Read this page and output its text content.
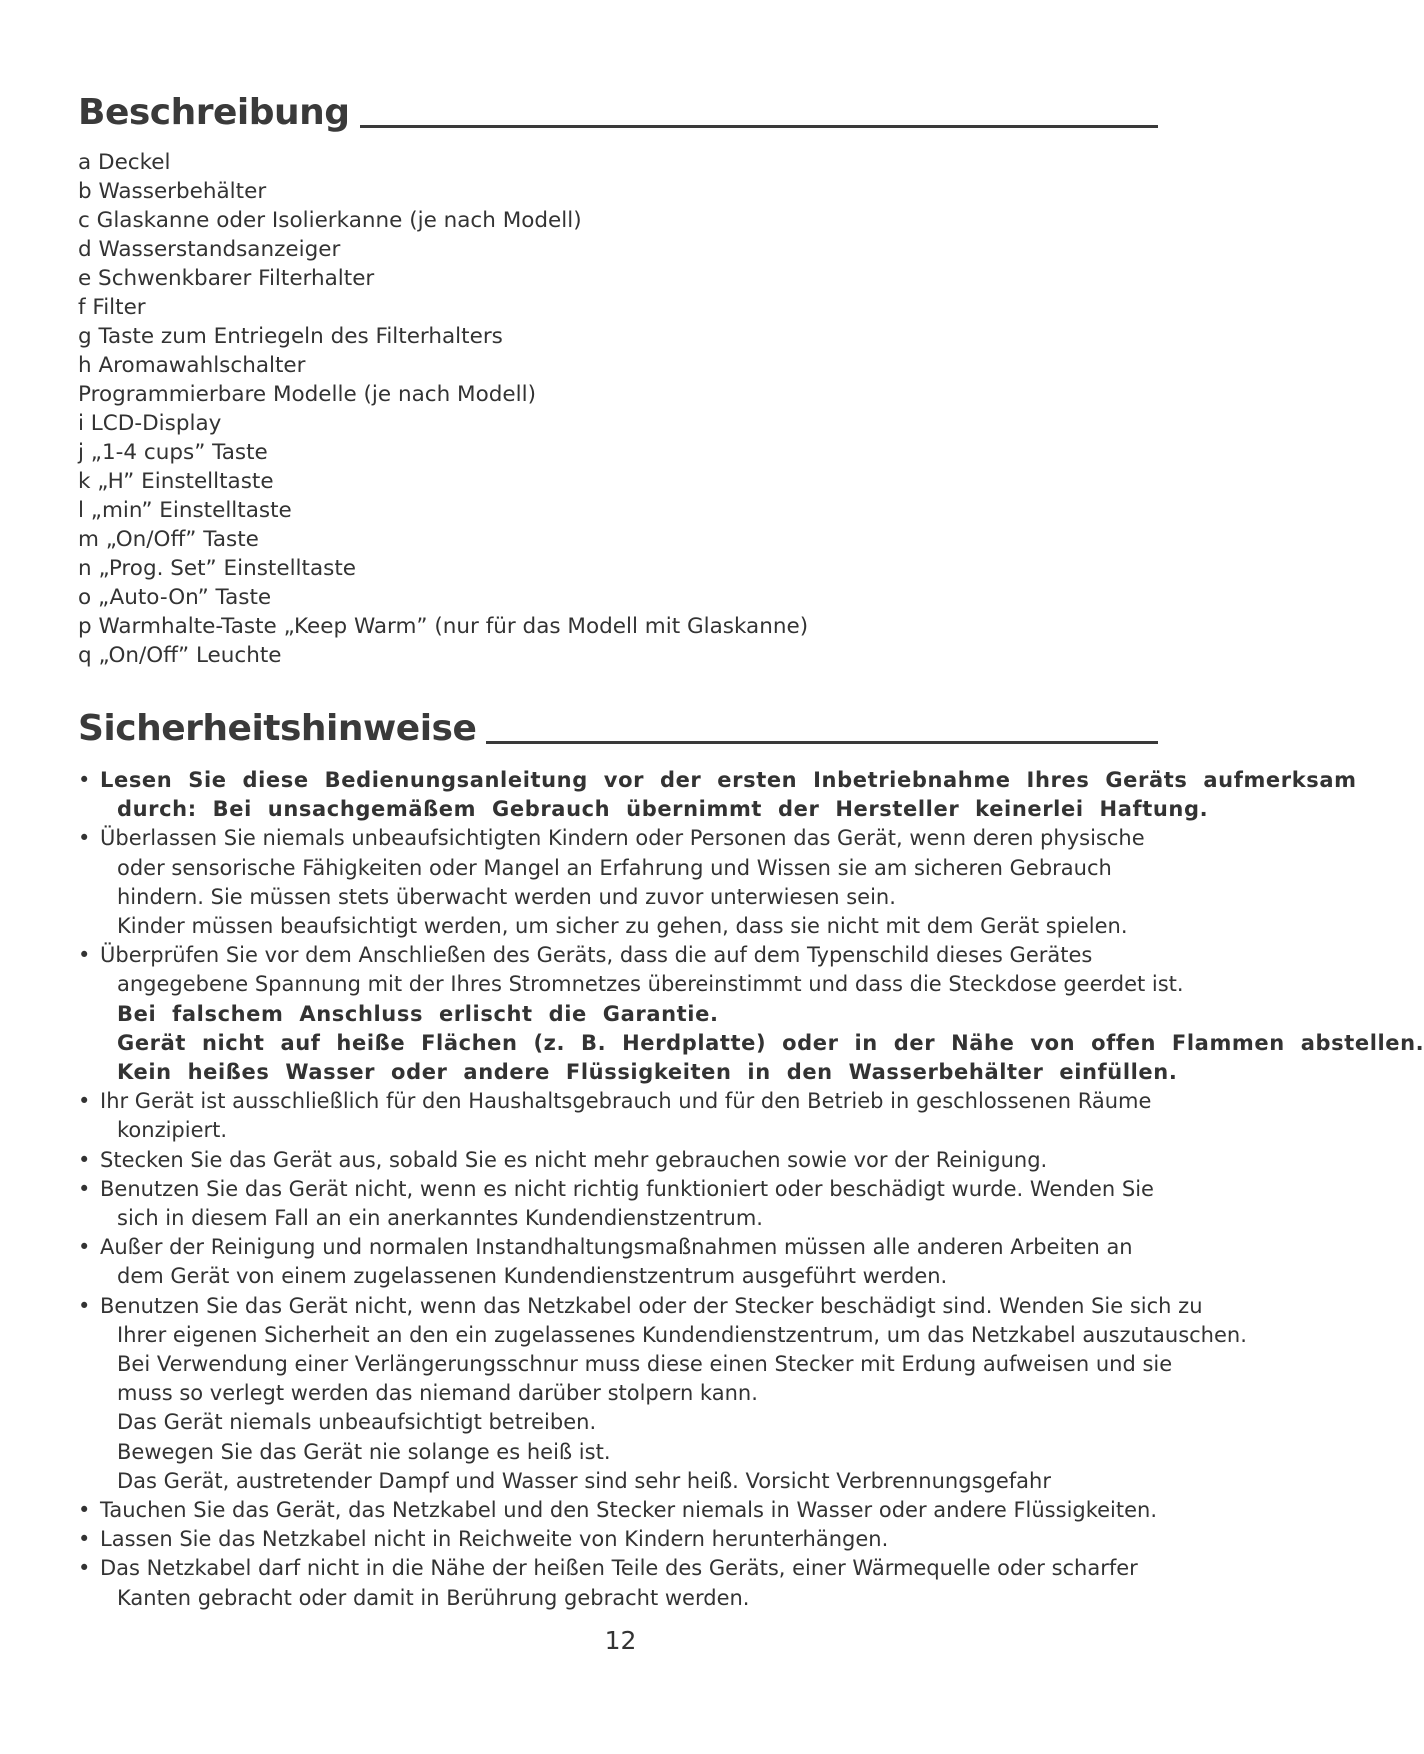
Beschreibung
a Deckel
b Wasserbehälter
c Glaskanne oder Isolierkanne (je nach Modell)
d Wasserstandsanzeiger
e Schwenkbarer Filterhalter
f Filter
g Taste zum Entriegeln des Filterhalters
h Aromawahlschalter
Programmierbare Modelle (je nach Modell)
i LCD-Display
j „1-4 cups” Taste
k „H” Einstelltaste
l „min” Einstelltaste
m „On/Off” Taste
n „Prog. Set” Einstelltaste
o „Auto-On” Taste
p Warmhalte-Taste „Keep Warm” (nur für das Modell mit Glaskanne)
q „On/Off” Leuchte
Sicherheitshinweise
• Lesen Sie diese Bedienungsanleitung vor der ersten Inbetriebnahme Ihres Geräts aufmerksam
durch: Bei unsachgemäßem Gebrauch übernimmt der Hersteller keinerlei Haftung.
• Überlassen Sie niemals unbeaufsichtigten Kindern oder Personen das Gerät, wenn deren physische
oder sensorische Fähigkeiten oder Mangel an Erfahrung und Wissen sie am sicheren Gebrauch
hindern. Sie müssen stets überwacht werden und zuvor unterwiesen sein.
Kinder müssen beaufsichtigt werden, um sicher zu gehen, dass sie nicht mit dem Gerät spielen.
• Überprüfen Sie vor dem Anschließen des Geräts, dass die auf dem Typenschild dieses Gerätes
angegebene Spannung mit der Ihres Stromnetzes übereinstimmt und dass die Steckdose geerdet ist.
Bei falschem Anschluss erlischt die Garantie.
Gerät nicht auf heiße Flächen (z. B. Herdplatte) oder in der Nähe von offen Flammen abstellen.
Kein heißes Wasser oder andere Flüssigkeiten in den Wasserbehälter einfüllen.
• Ihr Gerät ist ausschließlich für den Haushaltsgebrauch und für den Betrieb in geschlossenen Räume
konzipiert.
• Stecken Sie das Gerät aus, sobald Sie es nicht mehr gebrauchen sowie vor der Reinigung.
• Benutzen Sie das Gerät nicht, wenn es nicht richtig funktioniert oder beschädigt wurde. Wenden Sie
sich in diesem Fall an ein anerkanntes Kundendienstzentrum.
• Außer der Reinigung und normalen Instandhaltungsmaßnahmen müssen alle anderen Arbeiten an
dem Gerät von einem zugelassenen Kundendienstzentrum ausgeführt werden.
• Benutzen Sie das Gerät nicht, wenn das Netzkabel oder der Stecker beschädigt sind. Wenden Sie sich zu
Ihrer eigenen Sicherheit an den ein zugelassenes Kundendienstzentrum, um das Netzkabel auszutauschen.
Bei Verwendung einer Verlängerungsschnur muss diese einen Stecker mit Erdung aufweisen und sie
muss so verlegt werden das niemand darüber stolpern kann.
Das Gerät niemals unbeaufsichtigt betreiben.
Bewegen Sie das Gerät nie solange es heiß ist.
Das Gerät, austretender Dampf und Wasser sind sehr heiß. Vorsicht Verbrennungsgefahr
• Tauchen Sie das Gerät, das Netzkabel und den Stecker niemals in Wasser oder andere Flüssigkeiten.
• Lassen Sie das Netzkabel nicht in Reichweite von Kindern herunterhängen.
• Das Netzkabel darf nicht in die Nähe der heißen Teile des Geräts, einer Wärmequelle oder scharfer
Kanten gebracht oder damit in Berührung gebracht werden.
12
